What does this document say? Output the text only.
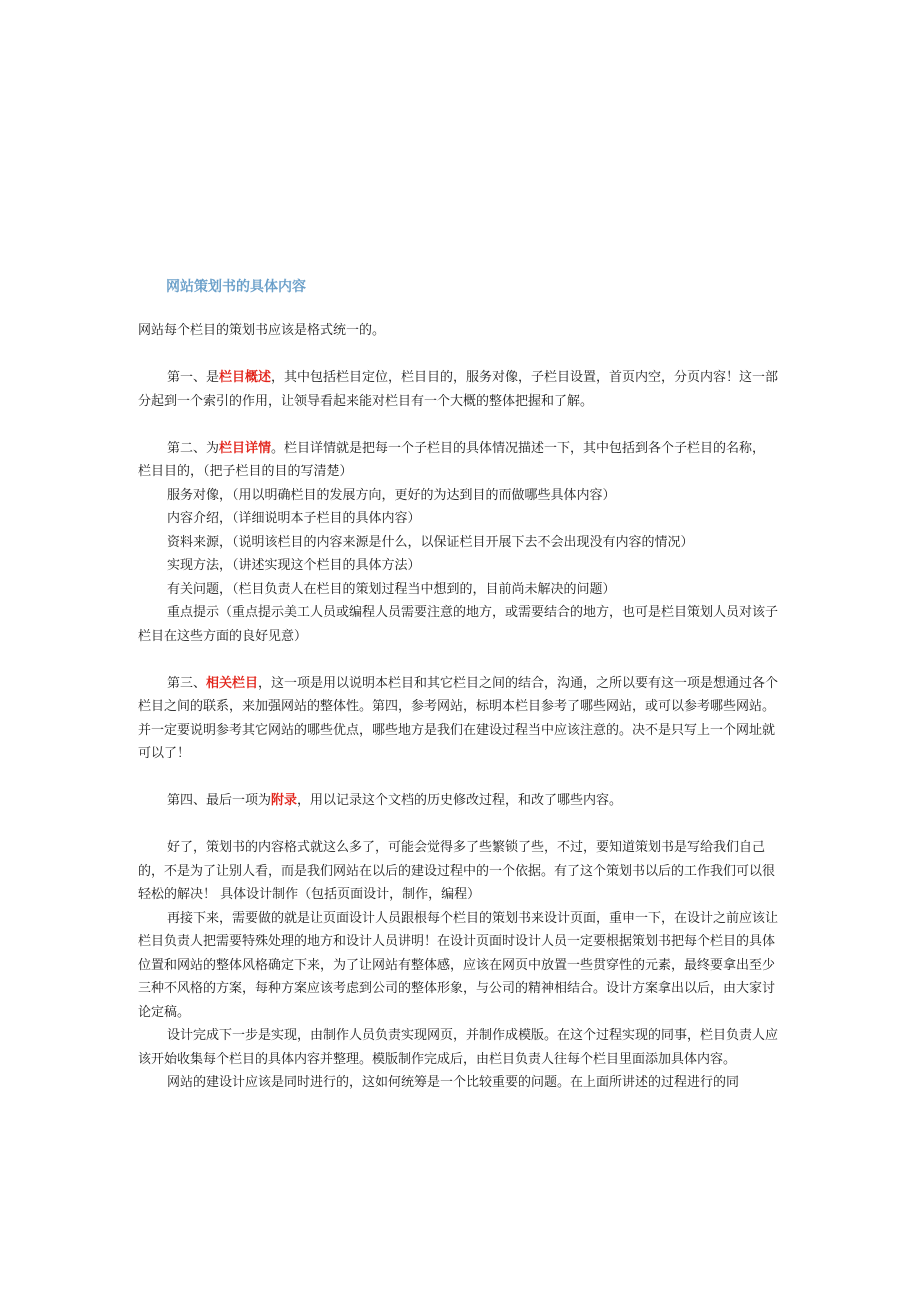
网站策划书的具体内容

网站每个栏目的策划书应该是格式统一的。

第一、是栏目概述，其中包括栏目定位，栏目目的，服务对像，子栏目设置，首页内空，分页内容！这一部分起到一个索引的作用，让领导看起来能对栏目有一个大概的整体把握和了解。

第二、为栏目详情。栏目详情就是把每一个子栏目的具体情况描述一下，其中包括到各个子栏目的名称，

栏目目的，（把子栏目的目的写清楚）

服务对像，（用以明确栏目的发展方向，更好的为达到目的而做哪些具体内容）

内容介绍，（详细说明本子栏目的具体内容）

资料来源，（说明该栏目的内容来源是什么，以保证栏目开展下去不会出现没有内容的情况）

实现方法，（讲述实现这个栏目的具体方法）

有关问题，（栏目负责人在栏目的策划过程当中想到的，目前尚未解决的问题）

重点提示（重点提示美工人员或编程人员需要注意的地方，或需要结合的地方，也可是栏目策划人员对该子栏目在这些方面的良好见意）

第三、相关栏目，这一项是用以说明本栏目和其它栏目之间的结合，沟通，之所以要有这一项是想通过各个栏目之间的联系，来加强网站的整体性。第四，参考网站，标明本栏目参考了哪些网站，或可以参考哪些网站。并一定要说明参考其它网站的哪些优点，哪些地方是我们在建设过程当中应该注意的。决不是只写上一个网址就可以了！

第四、最后一项为附录，用以记录这个文档的历史修改过程，和改了哪些内容。

好了，策划书的内容格式就这么多了，可能会觉得多了些繁锁了些，不过，要知道策划书是写给我们自己的，不是为了让别人看，而是我们网站在以后的建设过程中的一个依据。有了这个策划书以后的工作我们可以很轻松的解决！ 具体设计制作（包括页面设计，制作，编程）

再接下来，需要做的就是让页面设计人员跟根每个栏目的策划书来设计页面，重申一下，在设计之前应该让栏目负责人把需要特殊处理的地方和设计人员讲明！在设计页面时设计人员一定要根据策划书把每个栏目的具体位置和网站的整体风格确定下来，为了让网站有整体感，应该在网页中放置一些贯穿性的元素，最终要拿出至少三种不风格的方案，每种方案应该考虑到公司的整体形象，与公司的精神相结合。设计方案拿出以后，由大家讨论定稿。

设计完成下一步是实现，由制作人员负责实现网页，并制作成模版。在这个过程实现的同事，栏目负责人应该开始收集每个栏目的具体内容并整理。模版制作完成后，由栏目负责人往每个栏目里面添加具体内容。

网站的建设计应该是同时进行的，这如何统筹是一个比较重要的问题。在上面所讲述的过程进行的同
